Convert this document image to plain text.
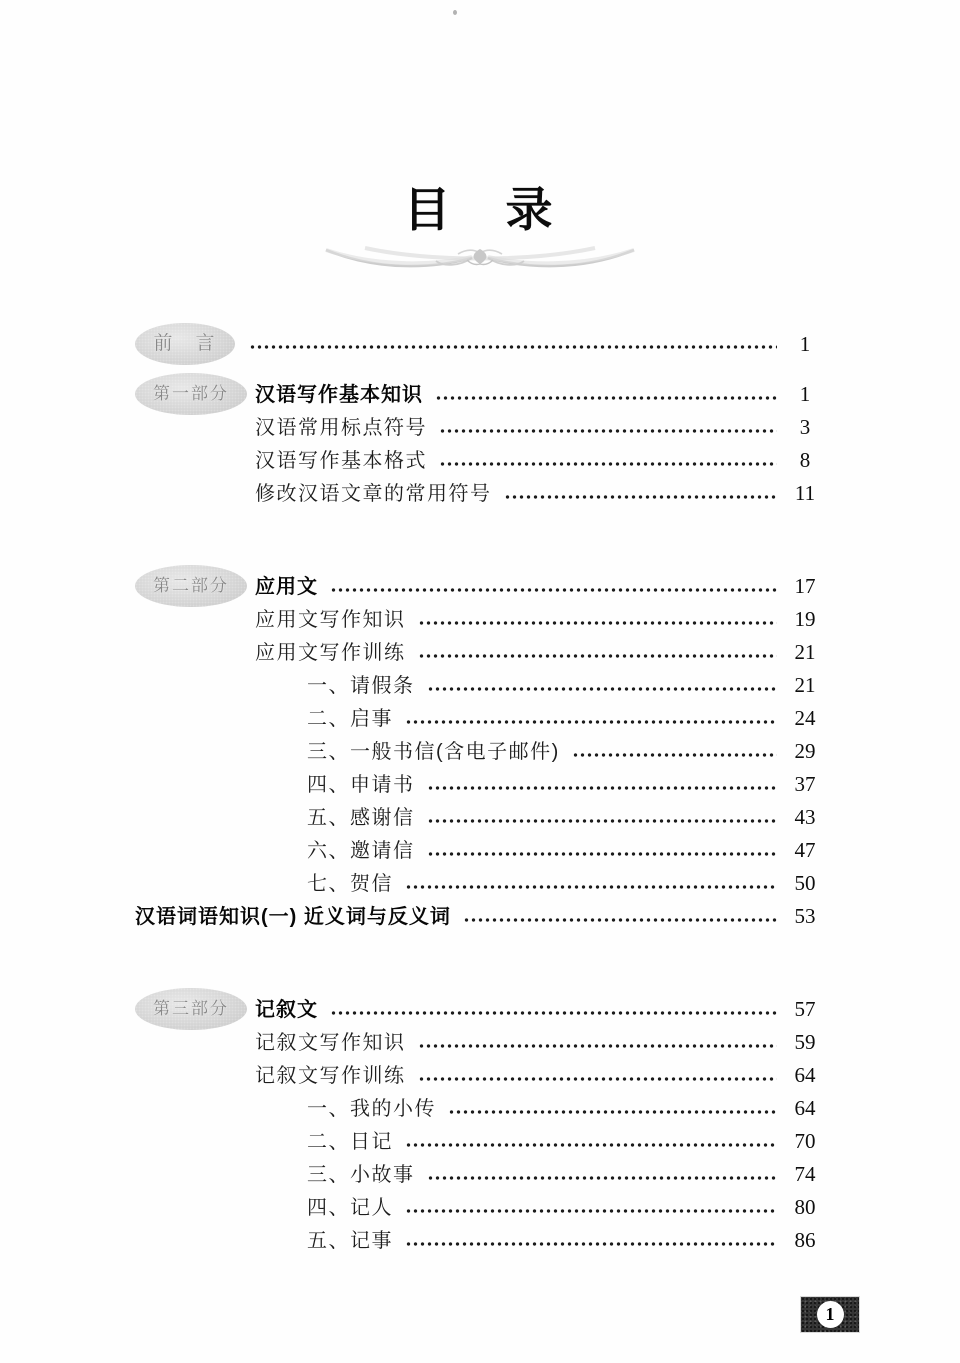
目　录
前　言	1
第一部分	汉语写作基本知识	1
汉语常用标点符号	3
汉语写作基本格式	8
修改汉语文章的常用符号	11
第二部分	应用文	17
应用文写作知识	19
应用文写作训练	21
一、请假条	21
二、启事	24
三、一般书信(含电子邮件)	29
四、申请书	37
五、感谢信	43
六、邀请信	47
七、贺信	50
汉语词语知识(一) 近义词与反义词	53
第三部分	记叙文	57
记叙文写作知识	59
记叙文写作训练	64
一、我的小传	64
二、日记	70
三、小故事	74
四、记人	80
五、记事	86
1
